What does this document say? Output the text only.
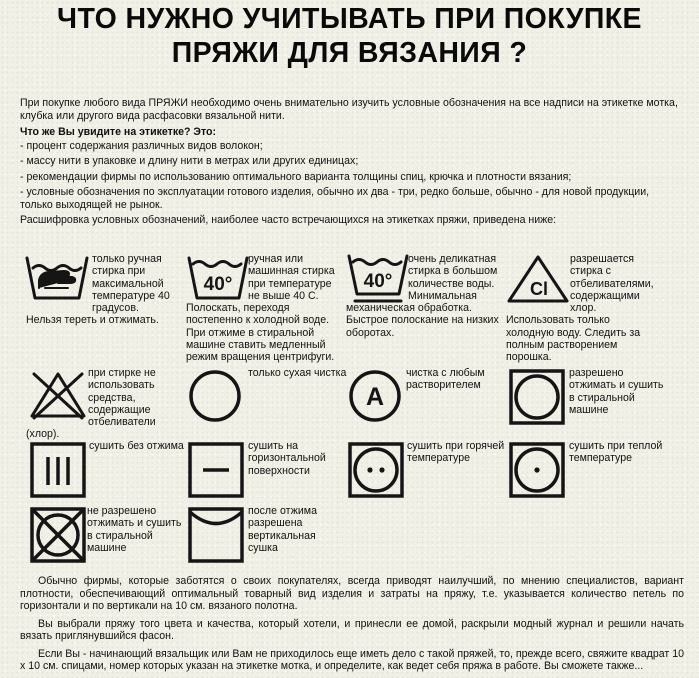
ЧТО НУЖНО УЧИТЫВАТЬ ПРИ ПОКУПКЕ ПРЯЖИ ДЛЯ ВЯЗАНИЯ ?

При покупке любого вида ПРЯЖИ необходимо очень внимательно изучить условные обозначения на все надписи на этикетке мотка, клубка или другого вида расфасовки вязальной нити.

Что же Вы увидите на этикетке? Это:

- процент содержания различных видов волокон;

- массу нити в упаковке и длину нити в метрах или других единицах;

- рекомендации фирмы по использованию оптимального варианта толщины спиц, крючка и плотности вязания;

- условные обозначения по эксплуатации готового изделия, обычно их два - три, редко больше, обычно - для новой продукции, только выходящей не рынок.

Расшифровка условных обозначений, наиболее часто встречающихся на этикетках пряжи, приведена ниже:

только ручная стирка при максимальной температуре 40 градусов. Нельзя тереть и отжимать.
40°
ручная или машинная стирка при температуре не выше 40 С. Полоскать, переходя постепенно к холодной воде. При отжиме в стиральной машине ставить медленный режим вращения центрифуги.
40°
очень деликатная стирка в большом количестве воды. Минимальная механическая обработка. Быстрое полоскание на низких оборотах.
Cl
разрешается стирка с отбеливателями, содержащими хлор. Использовать только холодную воду. Следить за полным растворением порошка.
при стирке не использовать средства, содержащие отбеливатели (хлор).
только сухая чистка
A
чистка с любым растворителем
разрешено отжимать и сушить в стиральной машине
сушить без отжима	сушить на горизонтальной поверхности
сушить при горячей температуре
сушить при теплой температуре
не разрешено отжимать и сушить в стиральной машине
после отжима разрешена вертикальная сушка

Обычно фирмы, которые заботятся о своих покупателях, всегда приводят наилучший, по мнению специалистов, вариант плотности, обеспечивающий оптимальный товарный вид изделия и затраты на пряжу, т.е. указывается количество петель по горизонтали и по вертикали на 10 см. вязаного полотна.

Вы выбрали пряжу того цвета и качества, который хотели, и принесли ее домой, раскрыли модный журнал и решили начать вязать приглянувшийся фасон.

Если Вы - начинающий вязальщик или Вам не приходилось еще иметь дело с такой пряжей, то, прежде всего, свяжите квадрат 10 х 10 см. спицами, номер которых указан на этикетке мотка, и определите, как ведет себя пряжа в работе. Вы сможете также...
